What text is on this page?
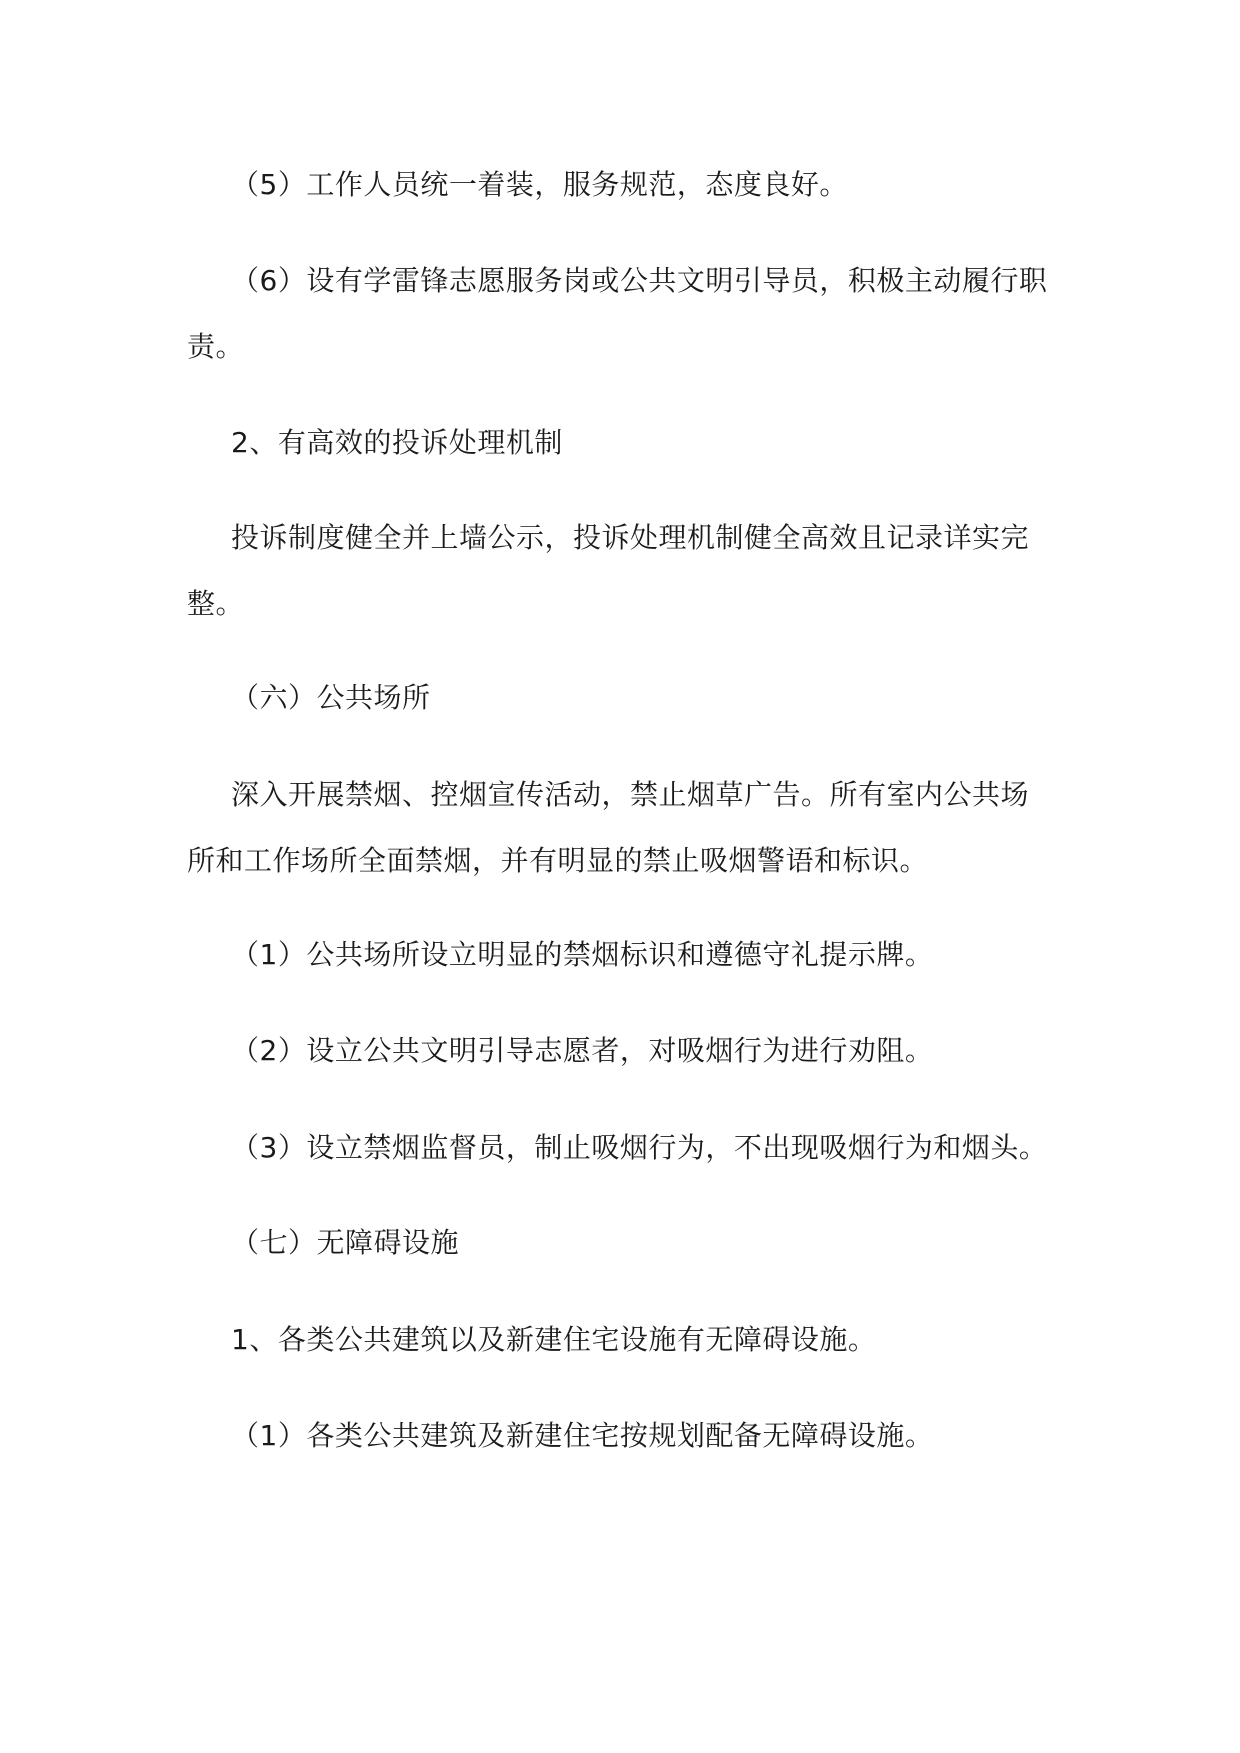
（5）工作人员统一着装，服务规范，态度良好。

（6）设有学雷锋志愿服务岗或公共文明引导员，积极主动履行职责。

2、有高效的投诉处理机制

投诉制度健全并上墙公示，投诉处理机制健全高效且记录详实完整。

（六）公共场所

深入开展禁烟、控烟宣传活动，禁止烟草广告。所有室内公共场所和工作场所全面禁烟，并有明显的禁止吸烟警语和标识。

（1）公共场所设立明显的禁烟标识和遵德守礼提示牌。

（2）设立公共文明引导志愿者，对吸烟行为进行劝阻。

（3）设立禁烟监督员，制止吸烟行为，不出现吸烟行为和烟头。

（七）无障碍设施

1、各类公共建筑以及新建住宅设施有无障碍设施。

（1）各类公共建筑及新建住宅按规划配备无障碍设施。
